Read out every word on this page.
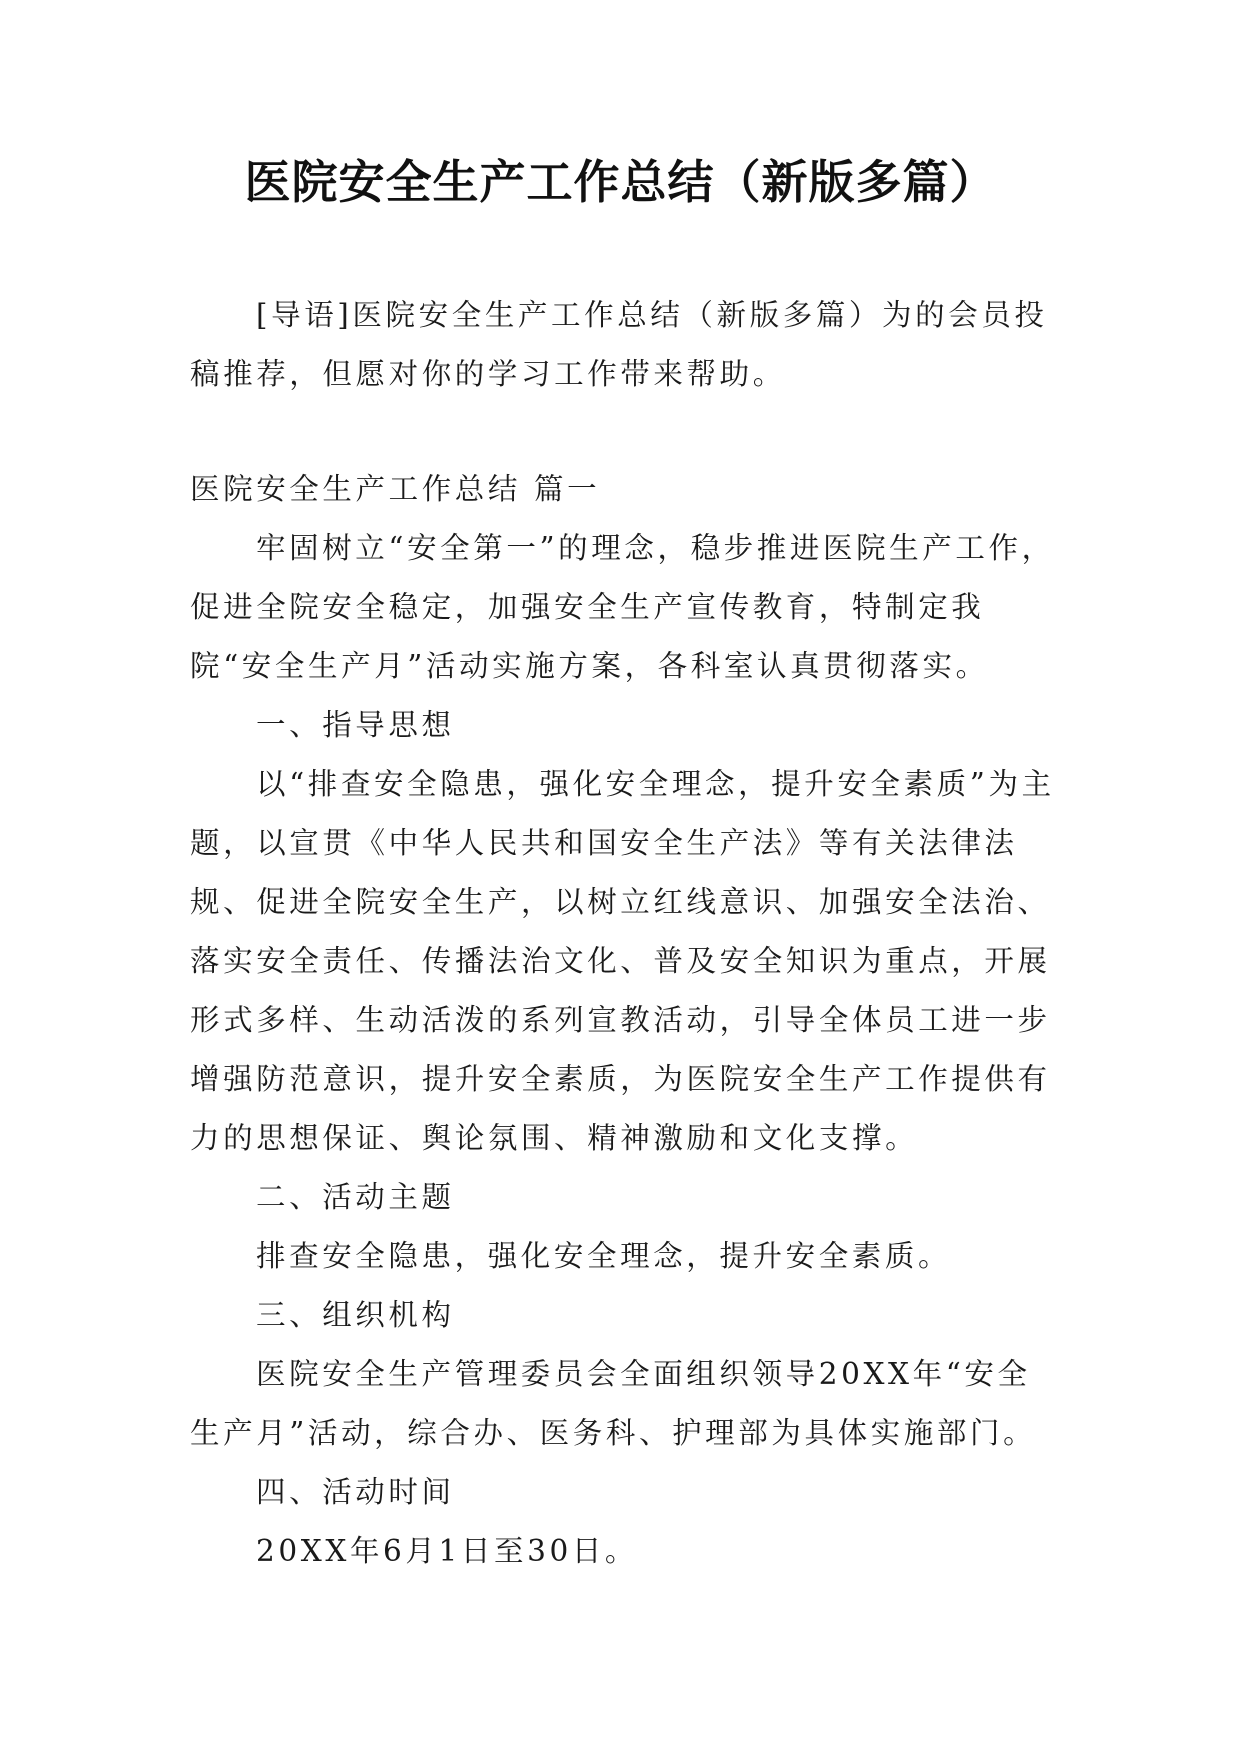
医院安全生产工作总结（新版多篇）

[导语]医院安全生产工作总结（新版多篇）为的会员投稿推荐，但愿对你的学习工作带来帮助。

医院安全生产工作总结 篇一

牢固树立“安全第一”的理念，稳步推进医院生产工作，促进全院安全稳定，加强安全生产宣传教育，特制定我院“安全生产月”活动实施方案，各科室认真贯彻落实。

一、指导思想

以“排查安全隐患，强化安全理念，提升安全素质”为主题，以宣贯《中华人民共和国安全生产法》等有关法律法规、促进全院安全生产，以树立红线意识、加强安全法治、落实安全责任、传播法治文化、普及安全知识为重点，开展形式多样、生动活泼的系列宣教活动，引导全体员工进一步增强防范意识，提升安全素质，为医院安全生产工作提供有力的思想保证、舆论氛围、精神激励和文化支撑。

二、活动主题

排查安全隐患，强化安全理念，提升安全素质。

三、组织机构

医院安全生产管理委员会全面组织领导20XX年“安全生产月”活动，综合办、医务科、护理部为具体实施部门。

四、活动时间

20XX年6月1日至30日。
